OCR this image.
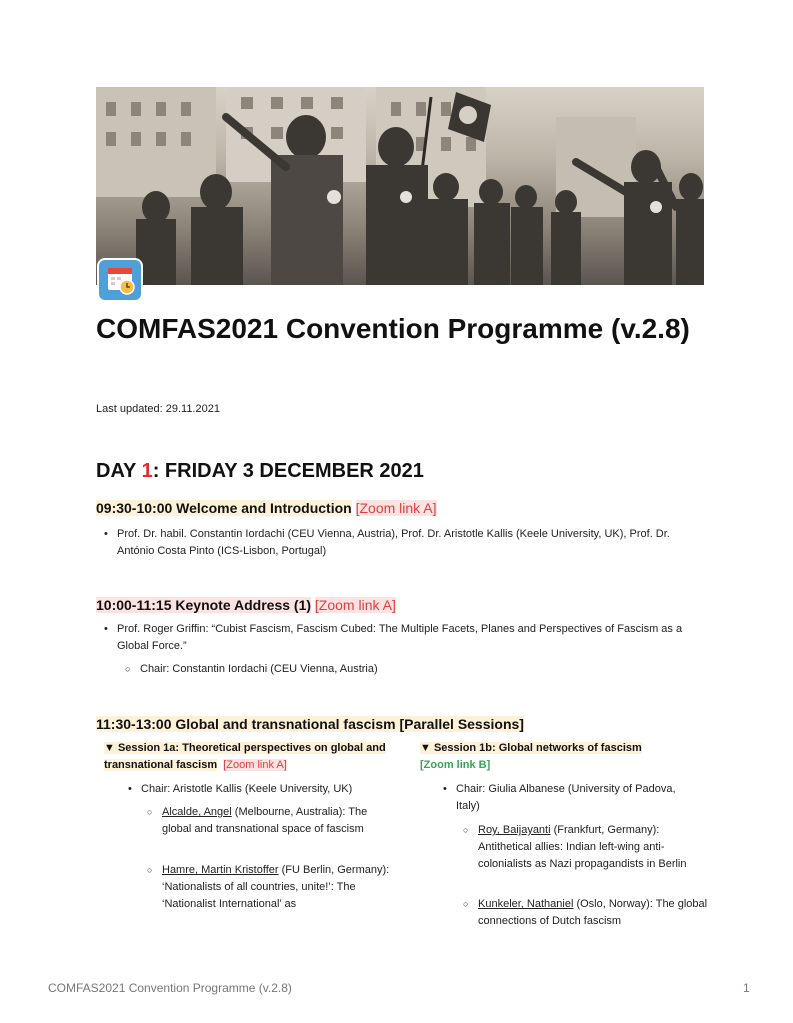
COMFAS2021 Convention Programme (v.2.8)
Last updated: 29.11.2021
DAY 1: FRIDAY 3 DECEMBER 2021
09:30-10:00 Welcome and Introduction [Zoom link A]
• Prof. Dr. habil. Constantin Iordachi (CEU Vienna, Austria), Prof. Dr. Aristotle Kallis (Keele University, UK), Prof. Dr. António Costa Pinto (ICS-Lisbon, Portugal)
10:00-11:15 Keynote Address (1) [Zoom link A]
• Prof. Roger Griffin: “Cubist Fascism, Fascism Cubed: The Multiple Facets, Planes and Perspectives of Fascism as a Global Force.”
○ Chair: Constantin Iordachi (CEU Vienna, Austria)
11:30-13:00 Global and transnational fascism [Parallel Sessions]
▼ Session 1a: Theoretical perspectives on global and transnational fascism [Zoom link A]
• Chair: Aristotle Kallis (Keele University, UK)
○ Alcalde, Angel (Melbourne, Australia): The global and transnational space of fascism
○ Hamre, Martin Kristoffer (FU Berlin, Germany): ‘Nationalists of all countries, unite!’: The ‘Nationalist International’ as
▼ Session 1b: Global networks of fascism
[Zoom link B]
• Chair: Giulia Albanese (University of Padova, Italy)
○ Roy, Baijayanti (Frankfurt, Germany): Antithetical allies: Indian left-wing anti-colonialists as Nazi propagandists in Berlin
○ Kunkeler, Nathaniel (Oslo, Norway): The global connections of Dutch fascism
COMFAS2021 Convention Programme (v.2.8)	1
